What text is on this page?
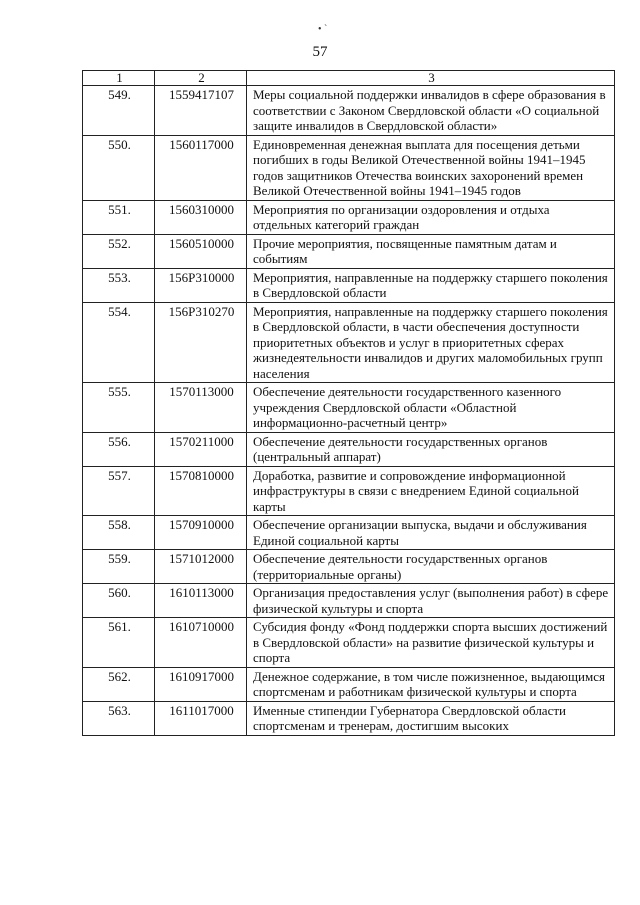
• `
57
1	2	3
549.	1559417107	Меры социальной поддержки инвалидов в сфере образования в соответствии с Законом Свердловской области «О социальной защите инвалидов в Свердловской области»
550.	1560117000	Единовременная денежная выплата для посещения детьми погибших в годы Великой Отечественной войны 1941–1945 годов защитников Отечества воинских захоронений времен Великой Отечественной войны 1941–1945 годов
551.	1560310000	Мероприятия по организации оздоровления и отдыха отдельных категорий граждан
552.	1560510000	Прочие мероприятия, посвященные памятным датам и событиям
553.	156P310000	Мероприятия, направленные на поддержку старшего поколения в Свердловской области
554.	156P310270	Мероприятия, направленные на поддержку старшего поколения в Свердловской области, в части обеспечения доступности приоритетных объектов и услуг в приоритетных сферах жизнедеятельности инвалидов и других маломобильных групп населения
555.	1570113000	Обеспечение деятельности государственного казенного учреждения Свердловской области «Областной информационно-расчетный центр»
556.	1570211000	Обеспечение деятельности государственных органов (центральный аппарат)
557.	1570810000	Доработка, развитие и сопровождение информационной инфраструктуры в связи с внедрением Единой социальной карты
558.	1570910000	Обеспечение организации выпуска, выдачи и обслуживания Единой социальной карты
559.	1571012000	Обеспечение деятельности государственных органов (территориальные органы)
560.	1610113000	Организация предоставления услуг (выполнения работ) в сфере физической культуры и спорта
561.	1610710000	Субсидия фонду «Фонд поддержки спорта высших достижений в Свердловской области» на развитие физической культуры и спорта
562.	1610917000	Денежное содержание, в том числе пожизненное, выдающимся спортсменам и работникам физической культуры и спорта
563.	1611017000	Именные стипендии Губернатора Свердловской области спортсменам и тренерам, достигшим высоких
